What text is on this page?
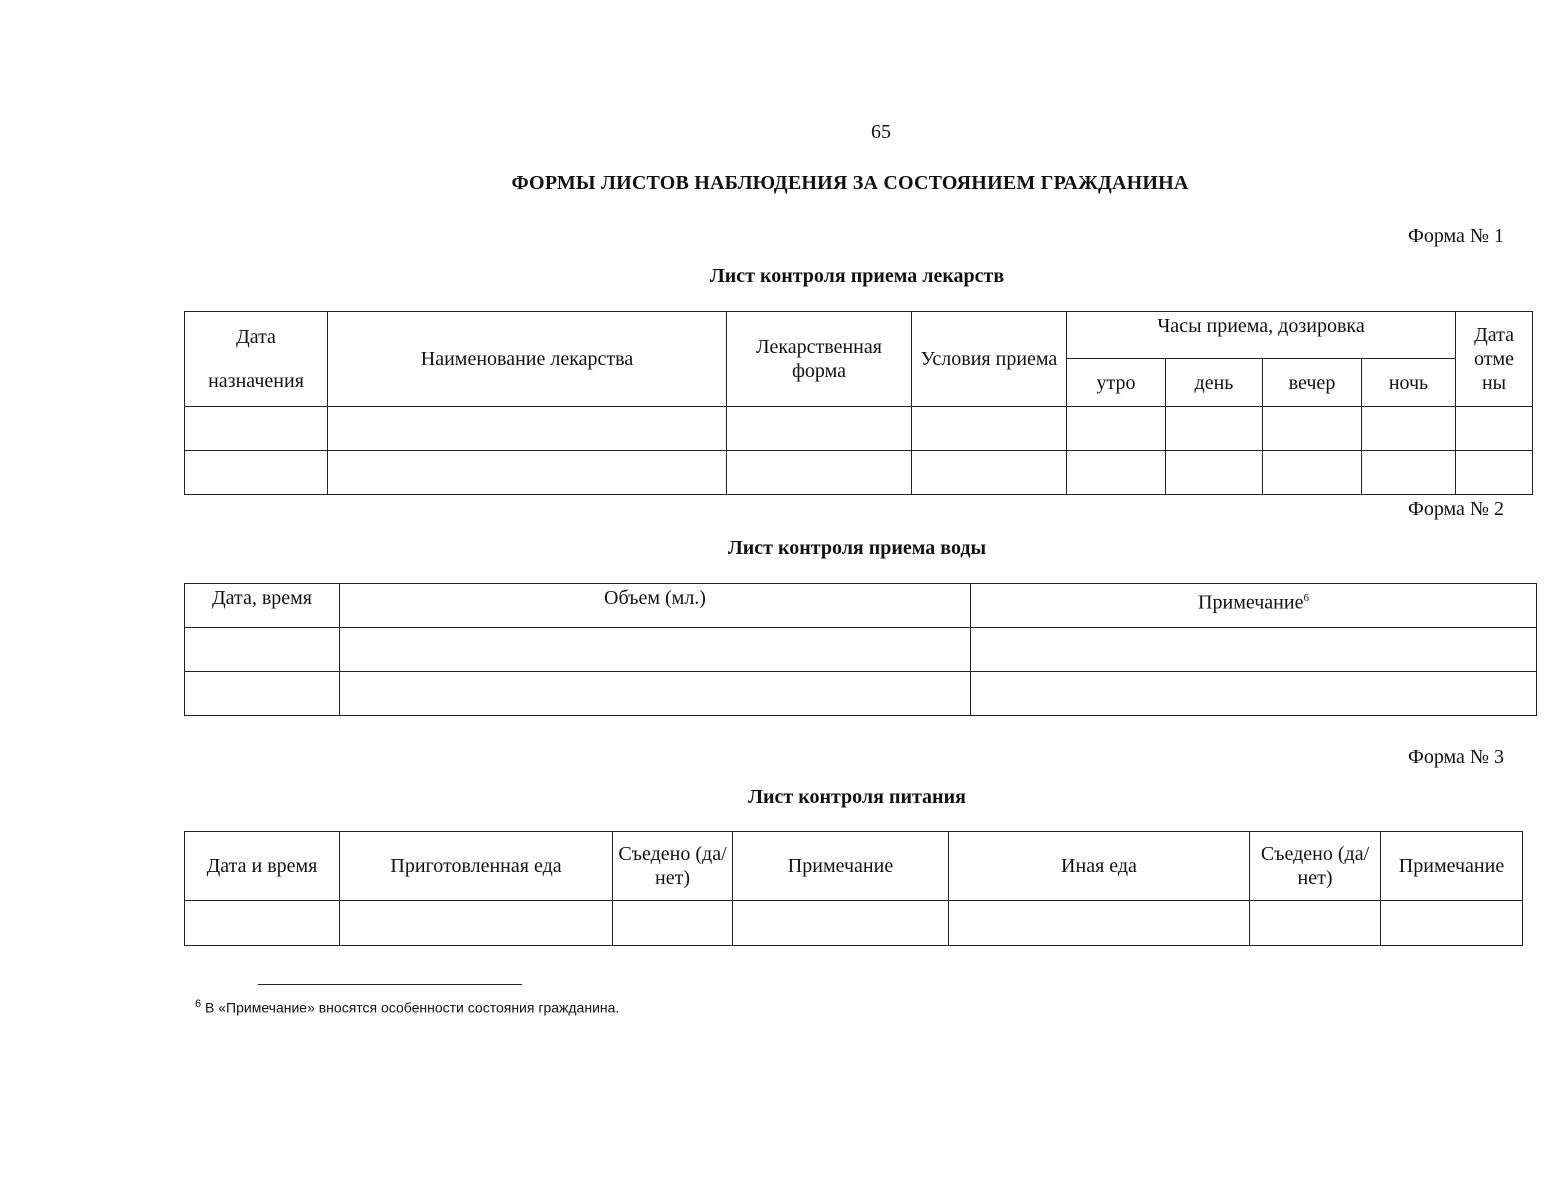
65
ФОРМЫ ЛИСТОВ НАБЛЮДЕНИЯ ЗА СОСТОЯНИЕМ ГРАЖДАНИНА
Форма № 1
Лист контроля приема лекарств
Дата
назначения	Наименование лекарства	Лекарственная форма	Условия приема	Часы приема, дозировка				Дата отме ны
				утро	день	вечер	ночь	

Форма № 2
Лист контроля приема воды
Дата, время	Объем (мл.)	Примечание$^6$

Форма № 3
Лист контроля питания
Дата и время	Приготовленная еда	Съедено (да/нет)	Примечание	Иная еда	Съедено (да/нет)	Примечание

$^6$ В «Примечание» вносятся особенности состояния гражданина.
